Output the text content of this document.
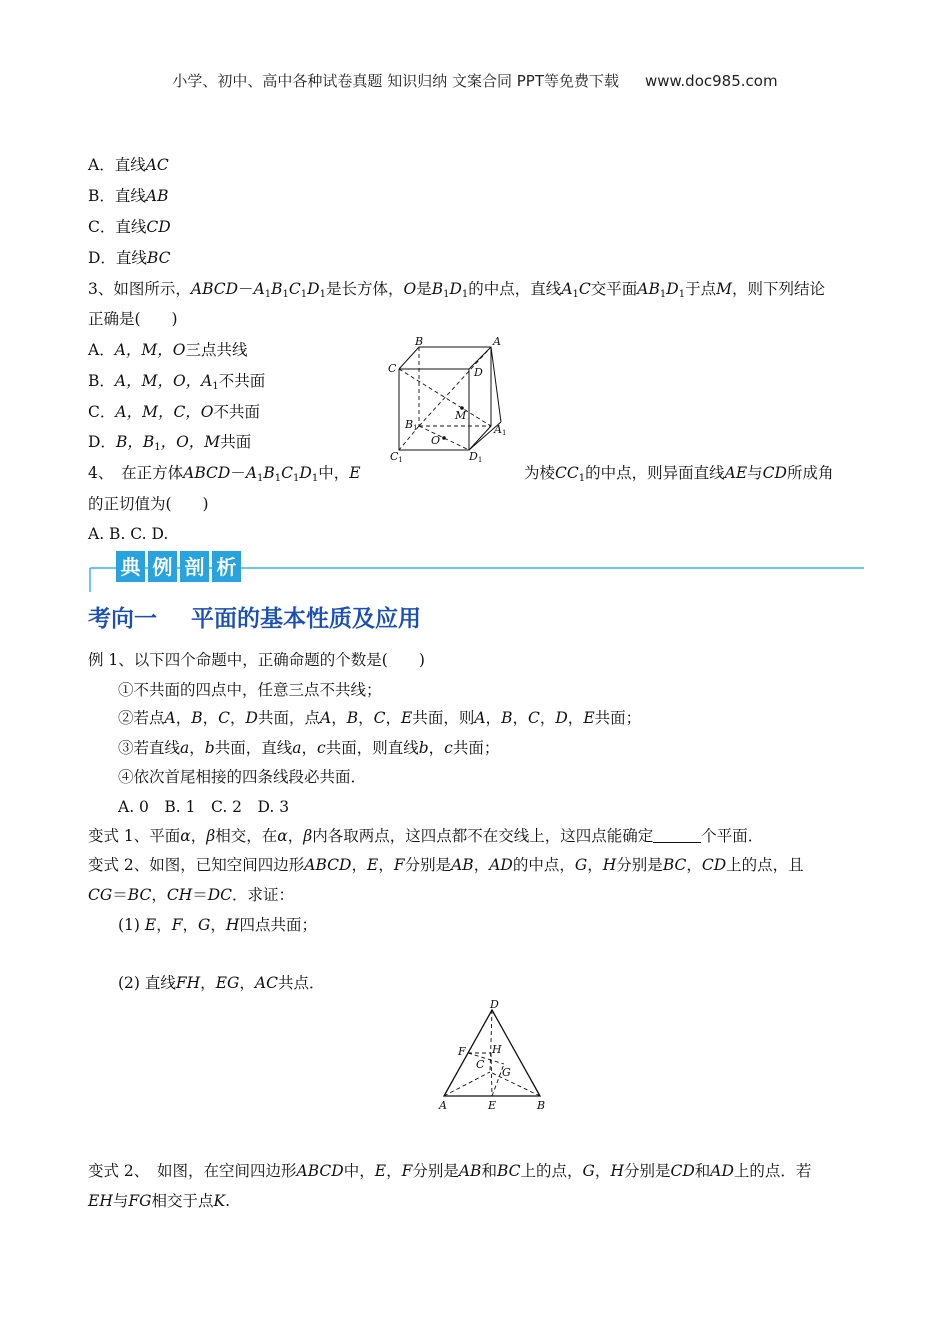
小学、初中、高中各种试卷真题 知识归纳 文案合同 PPT等免费下载 www.doc985.com
A．直线AC
B．直线AB
C．直线CD
D．直线BC
3、如图所示，$ABCD-A_1B_1C_1D_1$是长方体，O是$B_1D_1$的中点，直线$A_1C$交平面$AB_1D_1$于点M，则下列结论
正确是(　　)
A．A，M，O三点共线
B．A，M，O，$A_1$不共面
C．A，M，C，O不共面
D．B，$B_1$，O，M共面
B	A
C	D
M
B1	A1
O
C1	D1
4、　在正方体$ABCD-A_1B_1C_1D_1$中，E	为棱$CC_1$的中点，则异面直线AE与CD所成角
的正切值为(　　)
A. B. C. D.
典 例 剖 析
考向一 平面的基本性质及应用
例 1、以下四个命题中，正确命题的个数是(　　)
①不共面的四点中，任意三点不共线；
②若点A，B，C，D共面，点A，B，C，E共面，则A，B，C，D，E共面；
③若直线a，b共面，直线a，c共面，则直线b，c共面；
④依次首尾相接的四条线段必共面．
A. 0　B. 1　C. 2　D. 3
变式 1、平面α，β相交，在α，β内各取两点，这四点都不在交线上，这四点能确定	个平面．
变式 2、如图，已知空间四边形ABCD，E，F分别是AB，AD的中点，G，H分别是BC，CD上的点，且
CG＝BC，CH＝DC．求证：
(1) E，F，G，H四点共面；
(2) 直线FH，EG，AC共点．
D
F H
C
G
A	E	B
变式 2、　如图，在空间四边形ABCD中，E，F分别是AB和BC上的点，G，H分别是CD和AD上的点．若
EH与FG相交于点K.
